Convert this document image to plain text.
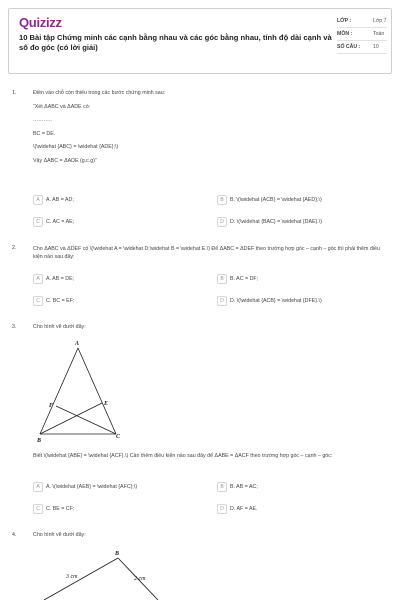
Quizizz
10 Bài tập Chứng minh các cạnh bằng nhau và các góc bằng nhau, tính độ dài cạnh và số đo góc (có lời giải)
LỚP :	Lớp 7
MÔN :	Toán
SỐ CÂU : 10
1.	Điền vào chỗ còn thiếu trong các bước chứng minh sau:
“Xét ΔABC và ΔADE có:
………..
BC = DE.
\(\widehat {ABC} = \widehat {ADE};\)
Vậy ΔABC = ΔADE (g.c.g)”
A	A. AB = AD;	B	B. \(\widehat {ACB} = \widehat {AED};\)
C	C. AC = AE;	D	D. \(\widehat {BAC} = \widehat {DAE}.\)
2.	Cho ΔABC và ΔDEF có \(\widehat A = \widehat D;\widehat B = \widehat E.\) Để ΔABC = ΔDEF theo trường hợp góc – cạnh – góc thì phải thêm điều kiện nào sau đây:
A	A. AB = DE;	B	B. AC = DF;
C	C. BC = EF;	D	D. \(\widehat {ACB} = \widehat {DFE}.\)
3.	Cho hình vẽ dưới đây:
A
F	E
B
C
Biết \(\widehat {ABE} = \widehat {ACF}.\) Cần thêm điều kiện nào sau đây để ΔABE = ΔACF theo trường hợp góc – cạnh – góc:
A	A. \(\widehat {AEB} = \widehat {AFC};\)	B	B. AB = AC;
C	C. BE = CF;	D	D. AF = AE.
4.	Cho hình vẽ dưới đây:
B
3 cm	2 cm
